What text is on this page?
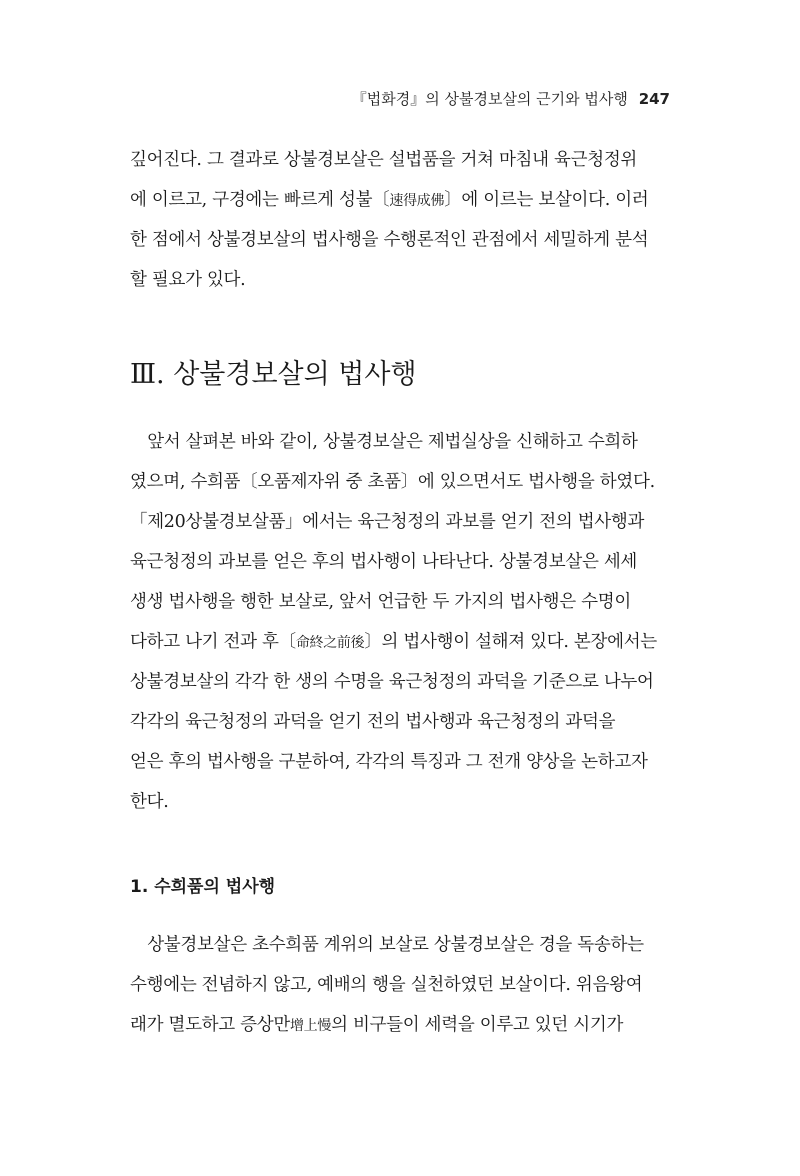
『법화경』의 상불경보살의 근기와 법사행 247
깊어진다. 그 결과로 상불경보살은 설법품을 거쳐 마침내 육근청정위
에 이르고, 구경에는 빠르게 성불〔速得成佛〕에 이르는 보살이다. 이러
한 점에서 상불경보살의 법사행을 수행론적인 관점에서 세밀하게 분석
할 필요가 있다.
Ⅲ. 상불경보살의 법사행
　앞서 살펴본 바와 같이, 상불경보살은 제법실상을 신해하고 수희하
였으며, 수희품〔오품제자위 중 초품〕에 있으면서도 법사행을 하였다.
「제20상불경보살품」에서는 육근청정의 과보를 얻기 전의 법사행과
육근청정의 과보를 얻은 후의 법사행이 나타난다. 상불경보살은 세세
생생 법사행을 행한 보살로, 앞서 언급한 두 가지의 법사행은 수명이
다하고 나기 전과 후〔命終之前後〕의 법사행이 설해져 있다. 본장에서는
상불경보살의 각각 한 생의 수명을 육근청정의 과덕을 기준으로 나누어
각각의 육근청정의 과덕을 얻기 전의 법사행과 육근청정의 과덕을
얻은 후의 법사행을 구분하여, 각각의 특징과 그 전개 양상을 논하고자
한다.
1. 수희품의 법사행
　상불경보살은 초수희품 계위의 보살로 상불경보살은 경을 독송하는
수행에는 전념하지 않고, 예배의 행을 실천하였던 보살이다. 위음왕여
래가 멸도하고 증상만增上慢의 비구들이 세력을 이루고 있던 시기가
